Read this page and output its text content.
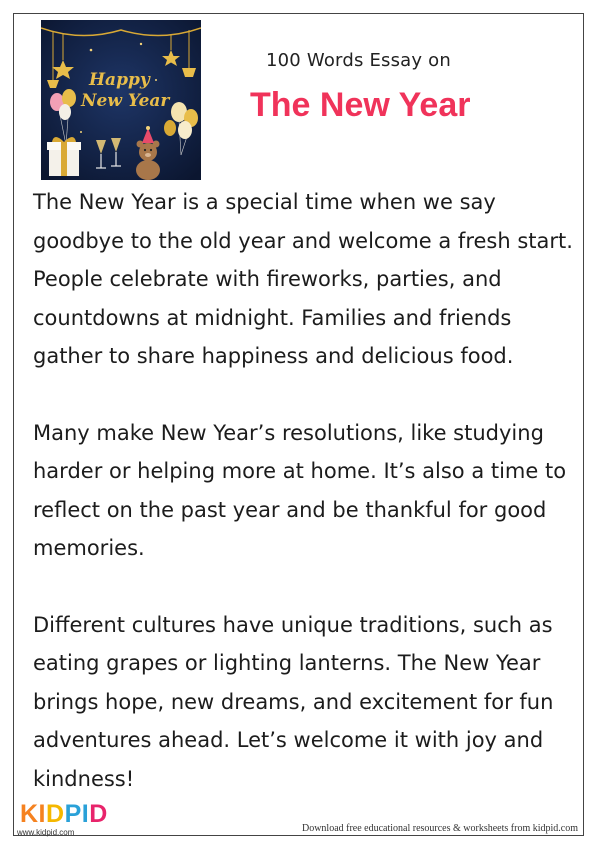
Happy
New Year
100 Words Essay on
The New Year

The New Year is a special time when we say goodbye to the old year and welcome a fresh start. People celebrate with fireworks, parties, and countdowns at midnight. Families and friends gather to share happiness and delicious food.

Many make New Year’s resolutions, like studying harder or helping more at home. It’s also a time to reflect on the past year and be thankful for good memories.

Different cultures have unique traditions, such as eating grapes or lighting lanterns. The New Year brings hope, new dreams, and excitement for fun adventures ahead. Let’s welcome it with joy and kindness!

KIDPID
www.kidpid.com	Download free educational resources & worksheets from kidpid.com
